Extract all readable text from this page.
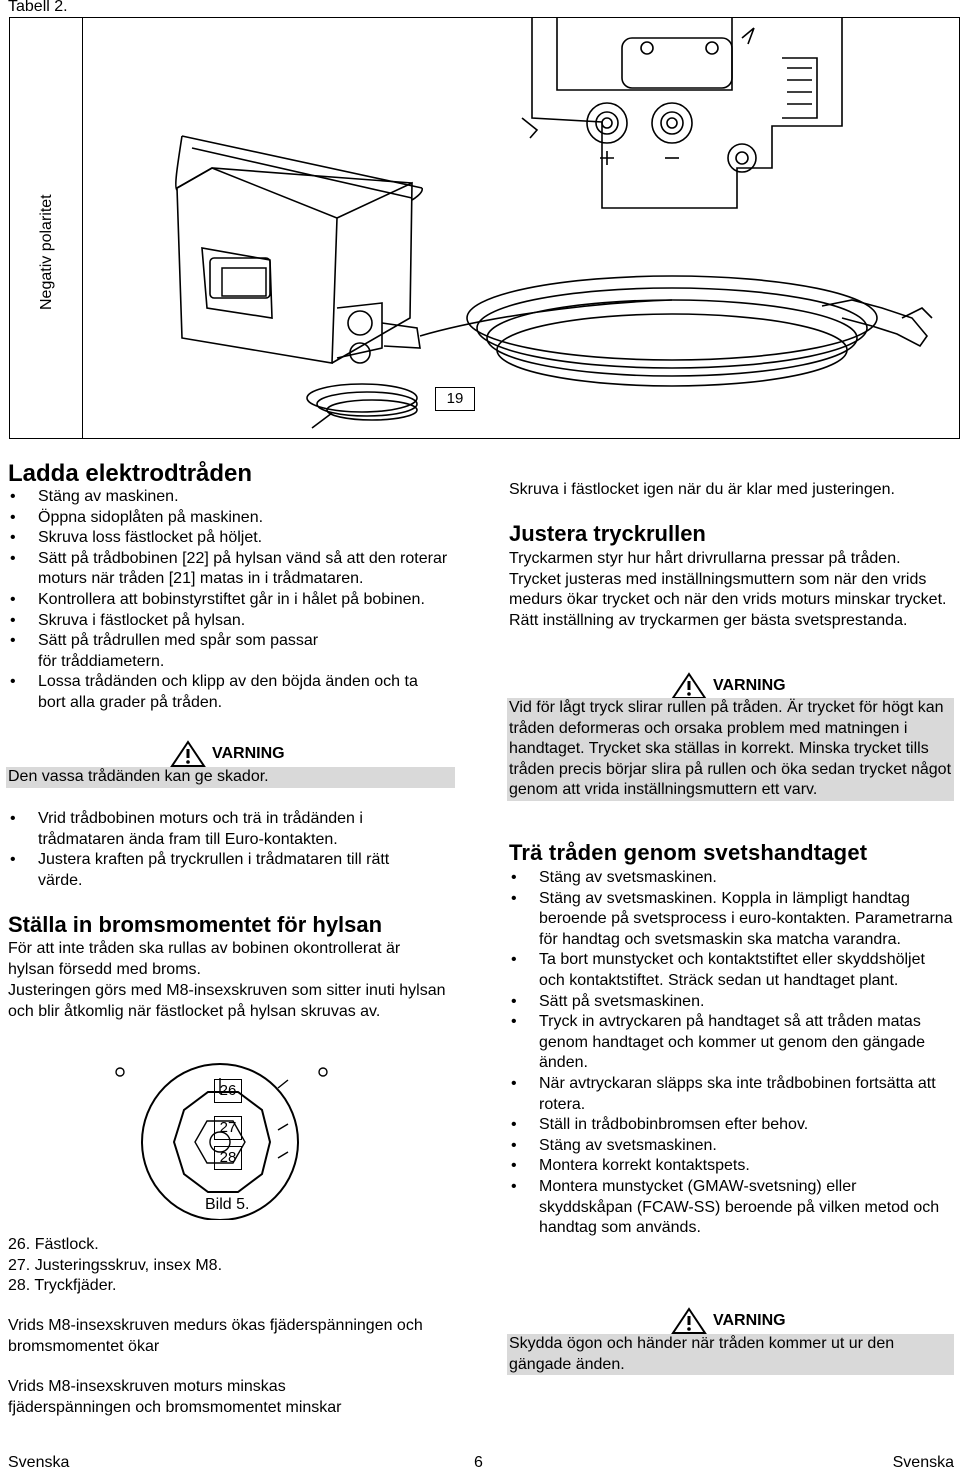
Tabell 2.
Negativ polaritet
19
Ladda elektrodtråden
• Stäng av maskinen.
• Öppna sidoplåten på maskinen.
• Skruva loss fästlocket på höljet.
• Sätt på trådbobinen [22] på hylsan vänd så att den roterar moturs när tråden [21] matas in i trådmataren.
• Kontrollera att bobinstyrstiftet går in i hålet på bobinen.
• Skruva i fästlocket på hylsan.
• Sätt på trådrullen med spår som passar för tråddiametern.
• Lossa trådänden och klipp av den böjda änden och ta bort alla grader på tråden.
VARNING
Den vassa trådänden kan ge skador.
• Vrid trådbobinen moturs och trä in trådänden i trådmataren ända fram till Euro-kontakten.
• Justera kraften på tryckrullen i trådmataren till rätt värde.
Ställa in bromsmomentet för hylsan

För att inte tråden ska rullas av bobinen okontrollerat är hylsan försedd med broms.

Justeringen görs med M8-insexskruven som sitter inuti hylsan och blir åtkomlig när fästlocket på hylsan skruvas av.

26
27
28
Bild 5.
26. Fästlock.
27. Justeringsskruv, insex M8.
28. Tryckfjäder.

Vrids M8-insexskruven medurs ökas fjäderspänningen och bromsmomentet ökar

Vrids M8-insexskruven moturs minskas fjäderspänningen och bromsmomentet minskar

Skruva i fästlocket igen när du är klar med justeringen.

Justera tryckrullen

Tryckarmen styr hur hårt drivrullarna pressar på tråden. Trycket justeras med inställningsmuttern som när den vrids medurs ökar trycket och när den vrids moturs minskar trycket. Rätt inställning av tryckarmen ger bästa svetsprestanda.

VARNING
Vid för lågt tryck slirar rullen på tråden. Är trycket för högt kan tråden deformeras och orsaka problem med matningen i handtaget. Trycket ska ställas in korrekt. Minska trycket tills tråden precis börjar slira på rullen och öka sedan trycket något genom att vrida inställningsmuttern ett varv.
Trä tråden genom svetshandtaget
• Stäng av svetsmaskinen.
• Stäng av svetsmaskinen. Koppla in lämpligt handtag beroende på svetsprocess i euro-kontakten. Parametrarna för handtag och svetsmaskin ska matcha varandra.
• Ta bort munstycket och kontaktstiftet eller skyddshöljet och kontaktstiftet. Sträck sedan ut handtaget plant.
• Sätt på svetsmaskinen.
• Tryck in avtryckaren på handtaget så att tråden matas genom handtaget och kommer ut genom den gängade änden.
• När avtryckaran släpps ska inte trådbobinen fortsätta att rotera.
• Ställ in trådbobinbromsen efter behov.
• Stäng av svetsmaskinen.
• Montera korrekt kontaktspets.
• Montera munstycket (GMAW-svetsning) eller skyddskåpan (FCAW-SS) beroende på vilken metod och handtag som används.
VARNING
Skydda ögon och händer när tråden kommer ut ur den gängade änden.
Svenska	6	Svenska
